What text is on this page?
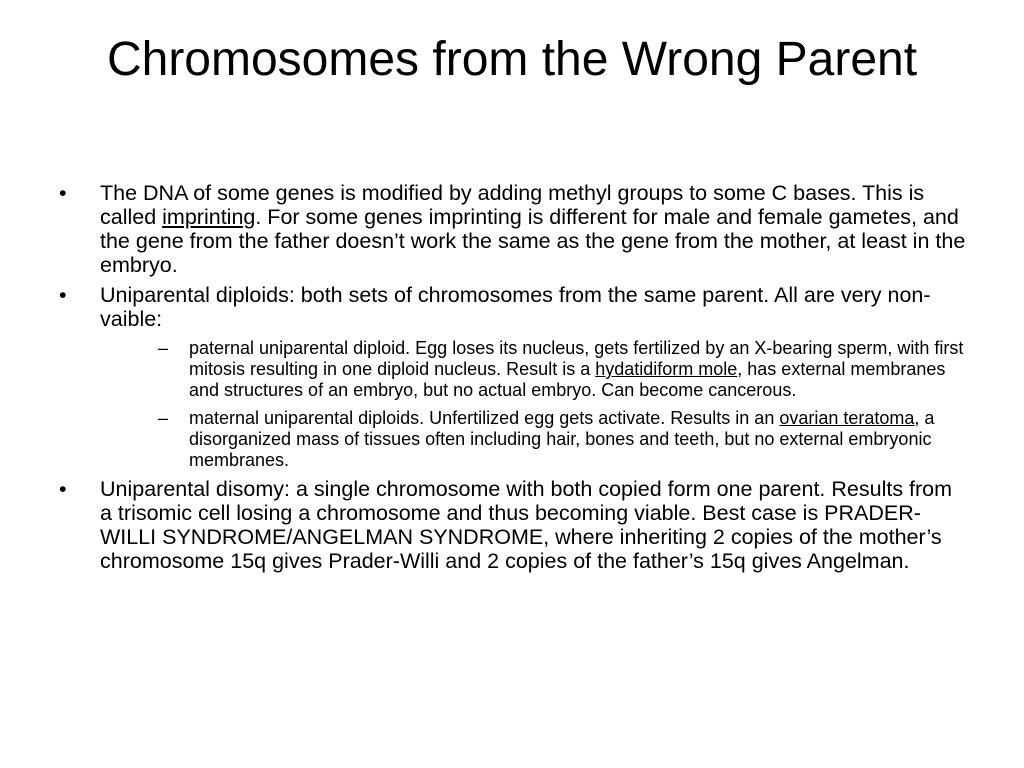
Chromosomes from the Wrong Parent
• The DNA of some genes is modified by adding methyl groups to some C bases. This is called imprinting. For some genes imprinting is different for male and female gametes, and the gene from the father doesn’t work the same as the gene from the mother, at least in the embryo.
• Uniparental diploids: both sets of chromosomes from the same parent. All are very non-vaible:
– paternal uniparental diploid. Egg loses its nucleus, gets fertilized by an X-bearing sperm, with first mitosis resulting in one diploid nucleus. Result is a hydatidiform mole, has external membranes and structures of an embryo, but no actual embryo. Can become cancerous.
– maternal uniparental diploids. Unfertilized egg gets activate. Results in an ovarian teratoma, a disorganized mass of tissues often including hair, bones and teeth, but no external embryonic membranes.
• Uniparental disomy: a single chromosome with both copied form one parent. Results from a trisomic cell losing a chromosome and thus becoming viable. Best case is PRADER-WILLI SYNDROME/ANGELMAN SYNDROME, where inheriting 2 copies of the mother’s chromosome 15q gives Prader-Willi and 2 copies of the father’s 15q gives Angelman.
